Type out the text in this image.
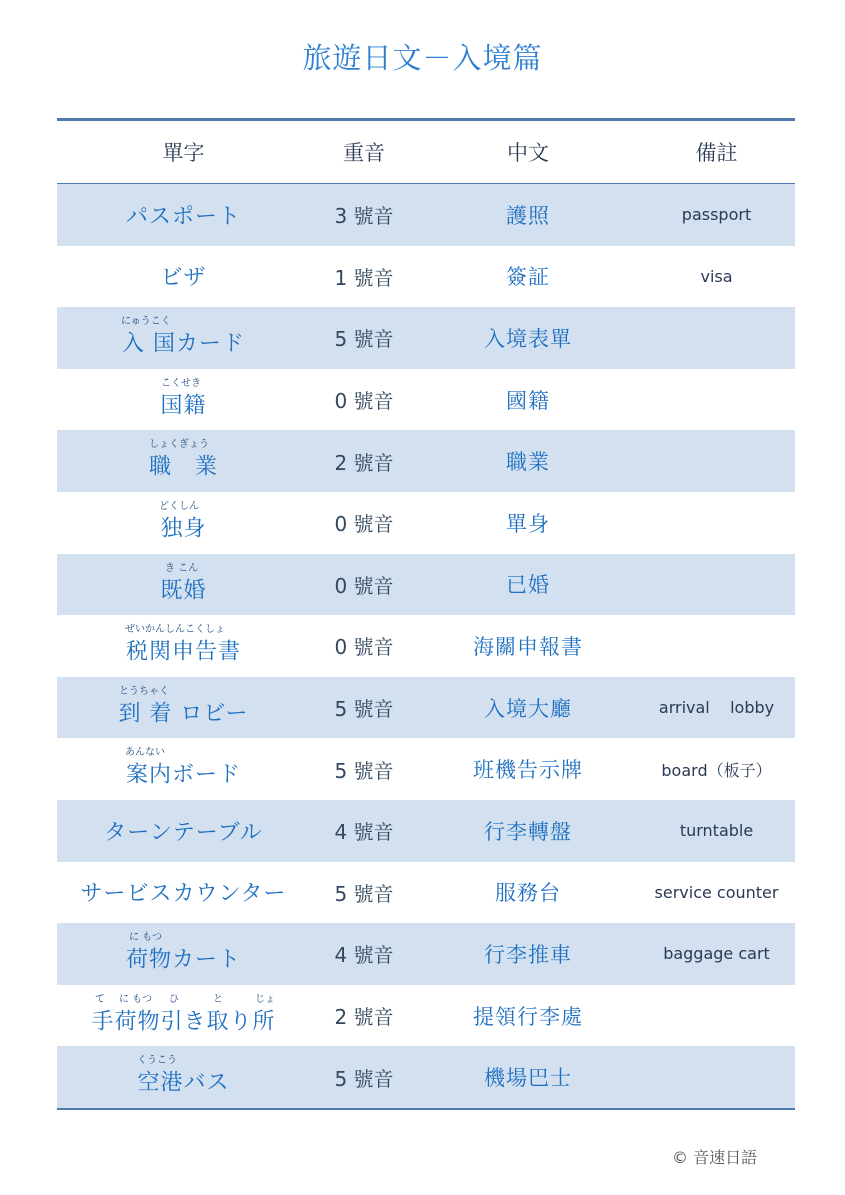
旅遊日文－入境篇
單字	重音	中文	備註
パスポート	3 號音	護照	passport
ビザ	1 號音	簽証	visa
にゅうこく
入 国カード	5 號音	入境表單
こくせき
国籍	0 號音	國籍
しょくぎょう
職　業	2 號音	職業
どくしん
独身	0 號音	單身
き こん
既婚	0 號音	已婚
ぜいかんしんこくしょ
税関申告書	0 號音	海關申報書
とうちゃく
到 着 ロビー	5 號音	入境大廳	arrival    lobby
あんない
案内ボード	5 號音	班機告示牌	board（板子）
ターンテーブル	4 號音	行李轉盤	turntable
サービスカウンター	5 號音	服務台	service counter
に もつ
荷物カート	4 號音	行李推車	baggage cart
て に もつ ひ	と	じょ
手荷物引き取り所	2 號音	提領行李處
くうこう
空港バス	5 號音	機場巴士
© 音速日語
